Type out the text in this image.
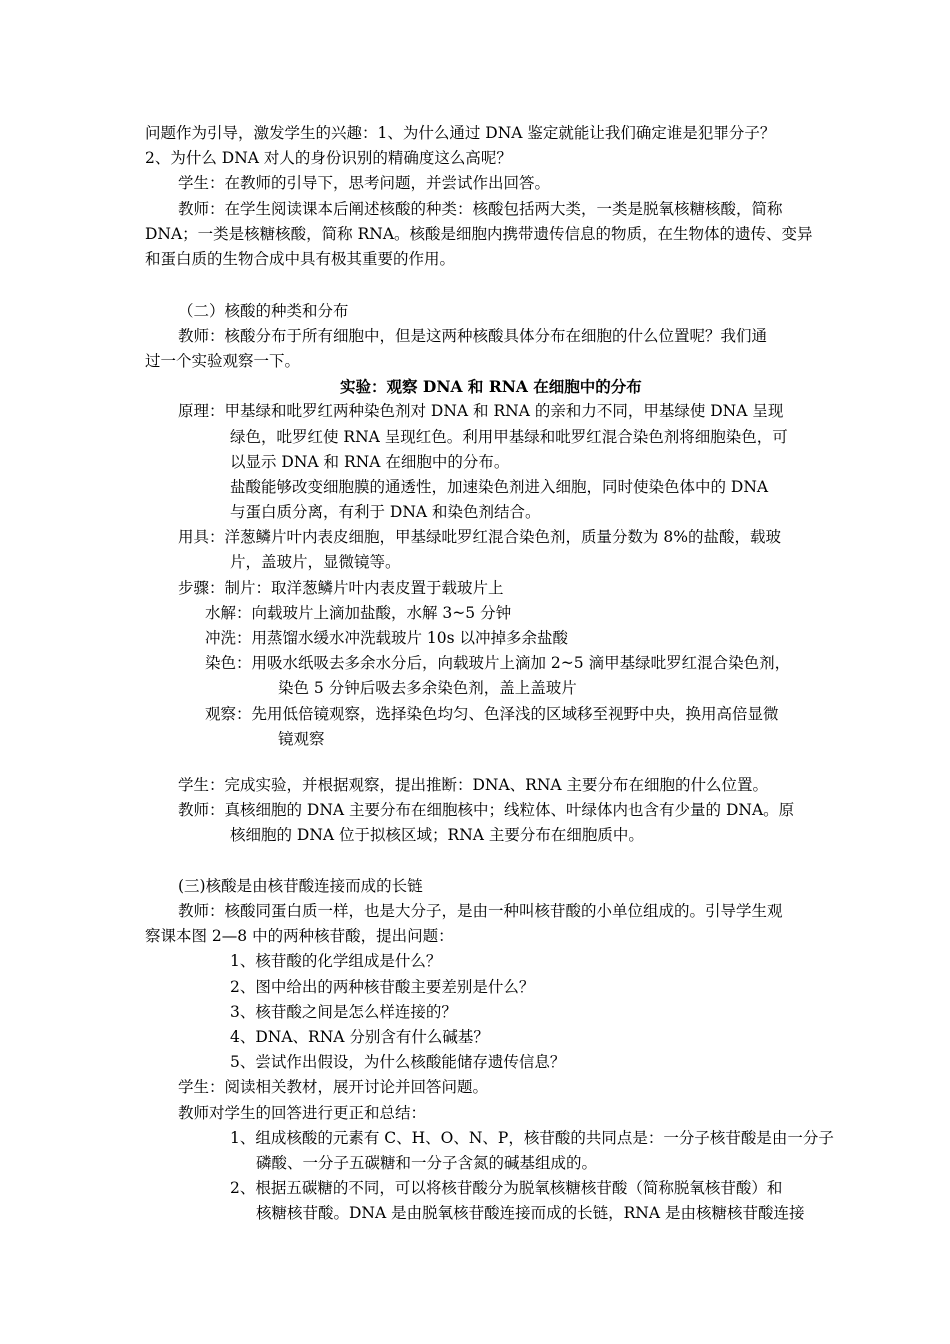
问题作为引导，激发学生的兴趣：1、为什么通过 DNA 鉴定就能让我们确定谁是犯罪分子？
2、为什么 DNA 对人的身份识别的精确度这么高呢？
学生：在教师的引导下，思考问题，并尝试作出回答。
教师：在学生阅读课本后阐述核酸的种类：核酸包括两大类，一类是脱氧核糖核酸，简称
DNA；一类是核糖核酸，简称 RNA。核酸是细胞内携带遗传信息的物质，在生物体的遗传、变异
和蛋白质的生物合成中具有极其重要的作用。
（二）核酸的种类和分布
教师：核酸分布于所有细胞中，但是这两种核酸具体分布在细胞的什么位置呢？我们通
过一个实验观察一下。
实验：观察 DNA 和 RNA 在细胞中的分布
原理：甲基绿和吡罗红两种染色剂对 DNA 和 RNA 的亲和力不同，甲基绿使 DNA 呈现
绿色，吡罗红使 RNA 呈现红色。利用甲基绿和吡罗红混合染色剂将细胞染色，可
以显示 DNA 和 RNA 在细胞中的分布。
盐酸能够改变细胞膜的通透性，加速染色剂进入细胞，同时使染色体中的 DNA
与蛋白质分离，有利于 DNA 和染色剂结合。
用具：洋葱鳞片叶内表皮细胞，甲基绿吡罗红混合染色剂，质量分数为 8%的盐酸，载玻
片，盖玻片，显微镜等。
步骤：制片：取洋葱鳞片叶内表皮置于载玻片上
水解：向载玻片上滴加盐酸，水解 3~5 分钟
冲洗：用蒸馏水缓水冲洗载玻片 10s 以冲掉多余盐酸
染色：用吸水纸吸去多余水分后，向载玻片上滴加 2~5 滴甲基绿吡罗红混合染色剂，
染色 5 分钟后吸去多余染色剂，盖上盖玻片
观察：先用低倍镜观察，选择染色均匀、色泽浅的区域移至视野中央，换用高倍显微
镜观察
学生：完成实验，并根据观察，提出推断：DNA、RNA 主要分布在细胞的什么位置。
教师：真核细胞的 DNA 主要分布在细胞核中；线粒体、叶绿体内也含有少量的 DNA。原
核细胞的 DNA 位于拟核区域；RNA 主要分布在细胞质中。
(三)核酸是由核苷酸连接而成的长链
教师：核酸同蛋白质一样，也是大分子，是由一种叫核苷酸的小单位组成的。引导学生观
察课本图 2—8 中的两种核苷酸，提出问题：
1、核苷酸的化学组成是什么？
2、图中给出的两种核苷酸主要差别是什么？
3、核苷酸之间是怎么样连接的？
4、DNA、RNA 分别含有什么碱基？
5、尝试作出假设，为什么核酸能储存遗传信息？
学生：阅读相关教材，展开讨论并回答问题。
教师对学生的回答进行更正和总结：
1、组成核酸的元素有 C、H、O、N、P，核苷酸的共同点是：一分子核苷酸是由一分子
磷酸、一分子五碳糖和一分子含氮的碱基组成的。
2、根据五碳糖的不同，可以将核苷酸分为脱氧核糖核苷酸（简称脱氧核苷酸）和
核糖核苷酸。DNA 是由脱氧核苷酸连接而成的长链，RNA 是由核糖核苷酸连接
